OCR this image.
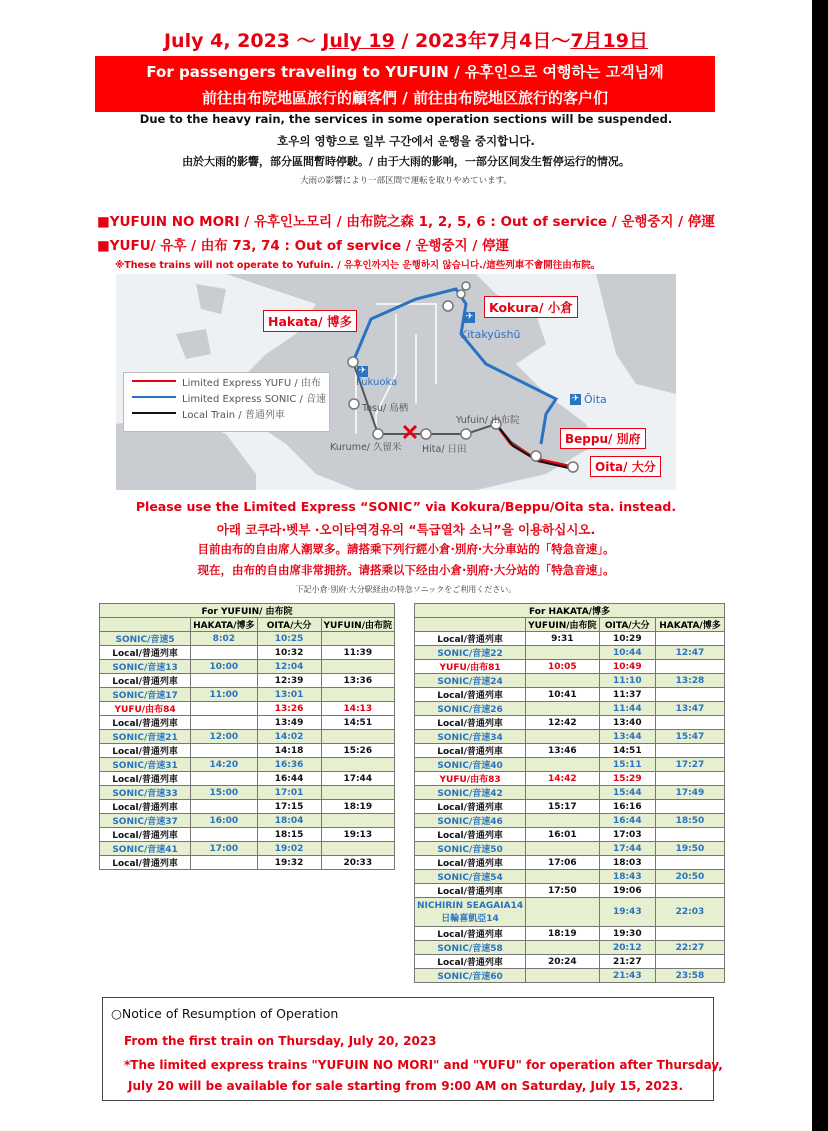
July 4, 2023 ～ July 19 / 2023年7月4日～7月19日
For passengers traveling to YUFUIN / 유후인으로 여행하는 고객님께
前往由布院地區旅行的顧客們 / 前往由布院地区旅行的客户们
Due to the heavy rain, the services in some operation sections will be suspended.
호우의 영향으로 일부 구간에서 운행을 중지합니다.
由於大雨的影響，部分區間暫時停駛。/ 由于大雨的影响，一部分区间发生暂停运行的情况。
大雨の影響により一部区間で運転を取りやめています。
■YUFUIN NO MORI / 유후인노모리 / 由布院之森 1, 2, 5, 6 : Out of service / 운행중지 / 停運
■YUFU/ 유후 / 由布 73, 74 : Out of service / 운행중지 / 停運
※These trains will not operate to Yufuin. / 유후인까지는 운행하지 않습니다./這些列車不會開往由布院。
Limited Express YUFU / 由布
Limited Express SONIC / 音速
Local Train / 普通列車
Hakata/ 博多
Kokura/ 小倉
Beppu/ 別府
Oita/ 大分
✈
Kitakyūshū
✈
Fukuoka
✈ Ōita
Tosu/ 鳥栖
Yufuin/ 由布院
Kurume/ 久留米 Hita/ 日田
Please use the Limited Express “SONIC” via Kokura/Beppu/Oita sta. instead.
아래 코쿠라·벳부 ·오이타역경유의 “특급열차 소닉”을 이용하십시오.
目前由布的自由席人潮眾多。請搭乘下列行經小倉·別府·大分車站的「特急音速」。
现在，由布的自由席非常拥挤。请搭乘以下经由小倉·别府·大分站的「特急音速」。
下記小倉·別府·大分駅経由の特急ソニックをご利用ください。
For YUFUIN/ 由布院			
	HAKATA/博多	OITA/大分	YUFUIN/由布院
SONIC/音速5	8:02	10:25	
Local/普通列車		10:32	11:39
SONIC/音速13	10:00	12:04	
Local/普通列車		12:39	13:36
SONIC/音速17	11:00	13:01	
YUFU/由布84		13:26	14:13
Local/普通列車		13:49	14:51
SONIC/音速21	12:00	14:02	
Local/普通列車		14:18	15:26
SONIC/音速31	14:20	16:36	
Local/普通列車		16:44	17:44
SONIC/音速33	15:00	17:01	
Local/普通列車		17:15	18:19
SONIC/音速37	16:00	18:04	
Local/普通列車		18:15	19:13
SONIC/音速41	17:00	19:02	
Local/普通列車		19:32	20:33
For HAKATA/博多			
	YUFUIN/由布院	OITA/大分	HAKATA/博多
Local/普通列車	9:31	10:29	
SONIC/音速22		10:44	12:47
YUFU/由布81	10:05	10:49	
SONIC/音速24		11:10	13:28
Local/普通列車	10:41	11:37	
SONIC/音速26		11:44	13:47
Local/普通列車	12:42	13:40	
SONIC/音速34		13:44	15:47
Local/普通列車	13:46	14:51	
SONIC/音速40		15:11	17:27
YUFU/由布83	14:42	15:29	
SONIC/音速42		15:44	17:49
Local/普通列車	15:17	16:16	
SONIC/音速46		16:44	18:50
Local/普通列車	16:01	17:03	
SONIC/音速50		17:44	19:50
Local/普通列車	17:06	18:03	
SONIC/音速54		18:43	20:50
Local/普通列車	17:50	19:06	
NICHIRIN SEAGAIA14
日輪喜凱亞14		19:43	22:03
Local/普通列車	18:19	19:30	
SONIC/音速58		20:12	22:27
Local/普通列車	20:24	21:27	
SONIC/音速60		21:43	23:58
○Notice of Resumption of Operation
From the first train on Thursday, July 20, 2023
*The limited express trains "YUFUIN NO MORI" and "YUFU" for operation after Thursday,
July 20 will be available for sale starting from 9:00 AM on Saturday, July 15, 2023.
